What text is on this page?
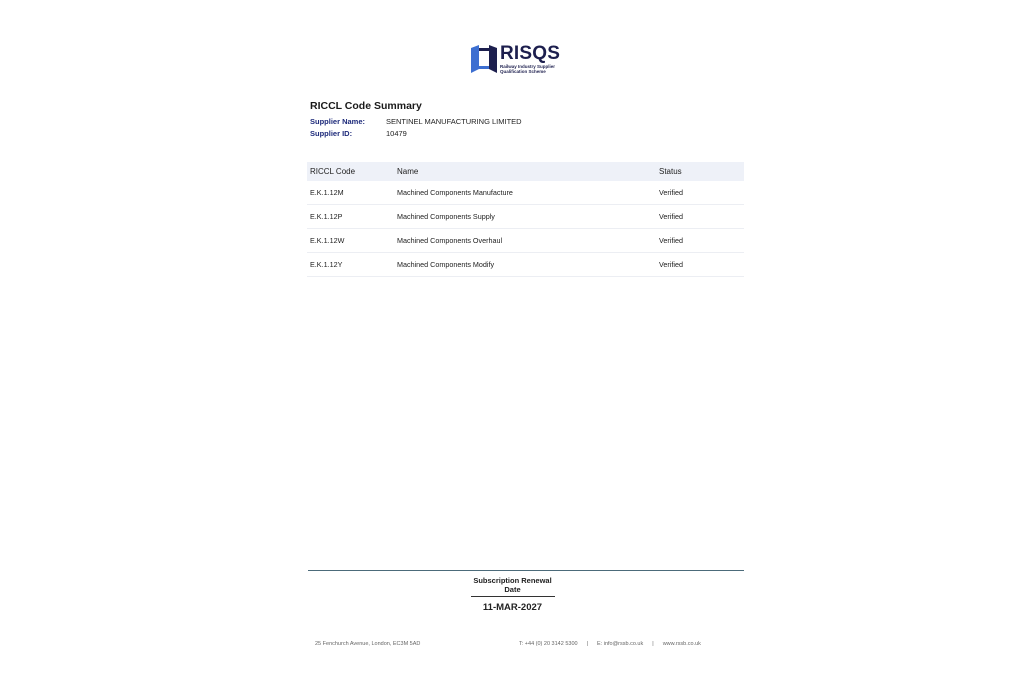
RISQS
Railway Industry Supplier
Qualification Scheme
RICCL Code Summary
Supplier Name:	SENTINEL MANUFACTURING LIMITED
Supplier ID:	10479
RICCL Code	Name	Status
E.K.1.12M	Machined Components Manufacture	Verified
E.K.1.12P	Machined Components Supply	Verified
E.K.1.12W	Machined Components Overhaul	Verified
E.K.1.12Y	Machined Components Modify	Verified
Subscription Renewal
Date
11-MAR-2027
25 Fenchurch Avenue, London, EC3M 5AD	T: +44 (0) 20 3142 5300 | E: info@rssb.co.uk | www.rssb.co.uk
